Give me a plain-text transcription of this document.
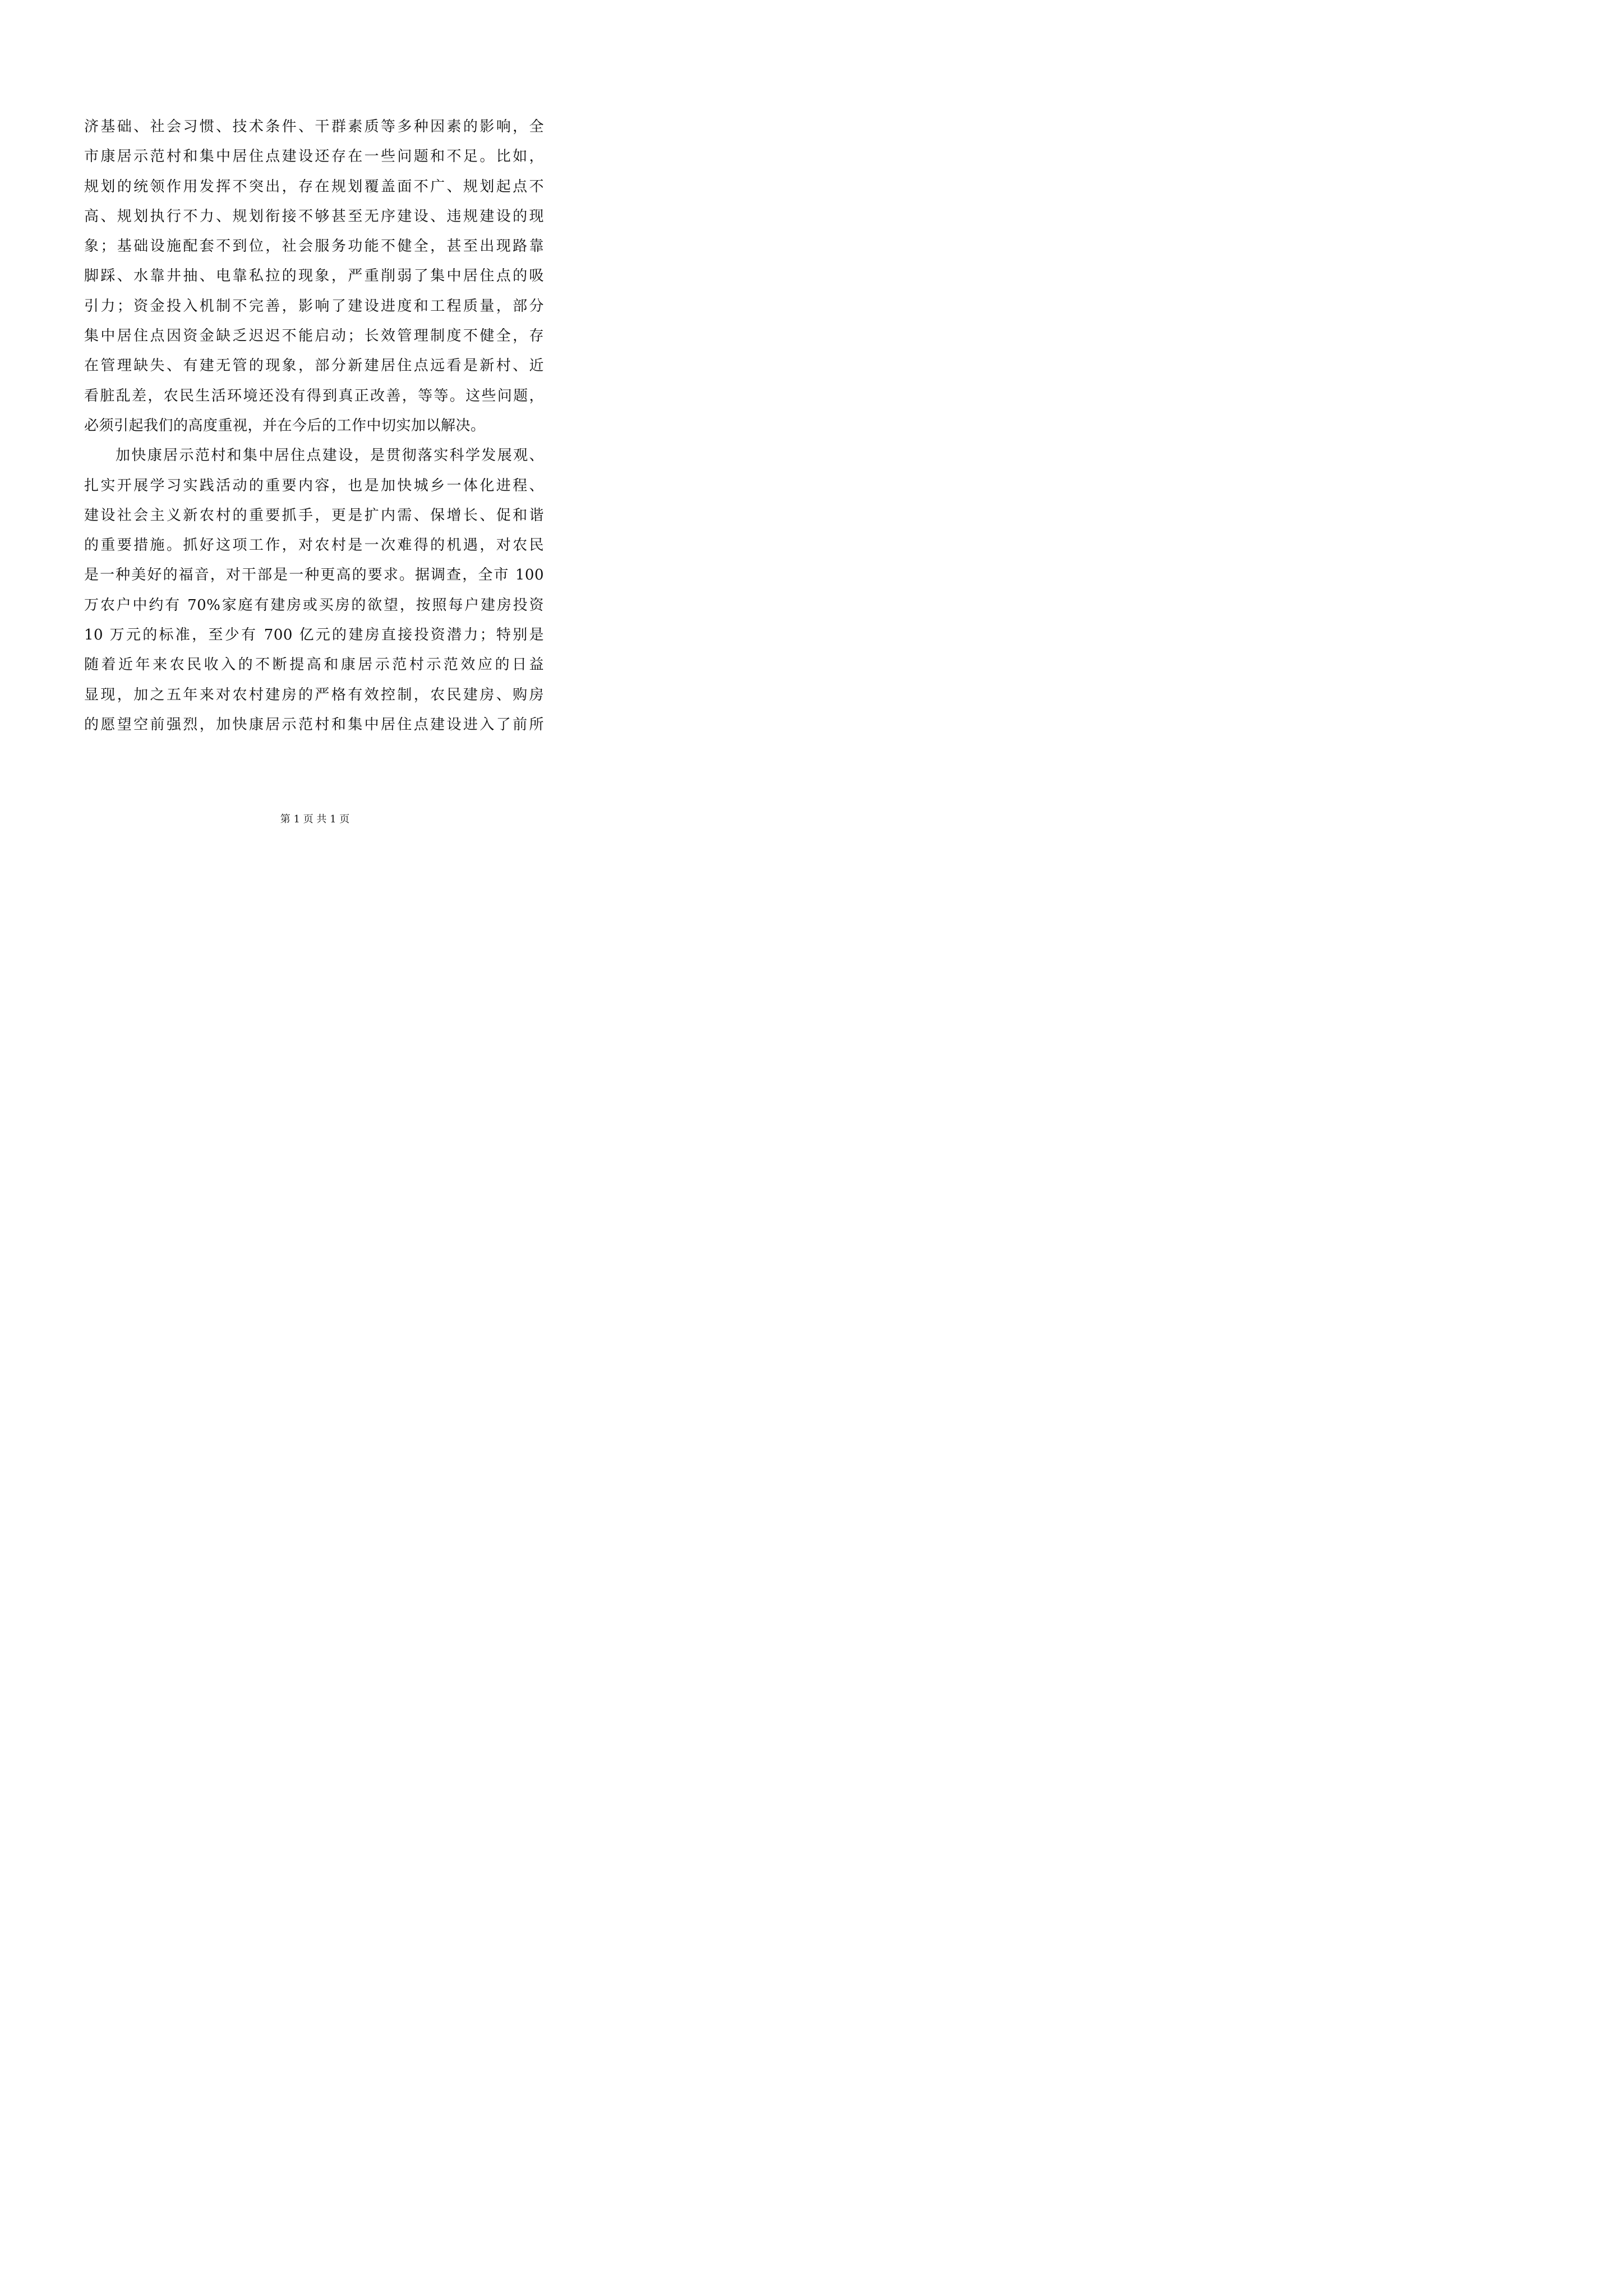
济基础、社会习惯、技术条件、干群素质等多种因素的影响，全
市康居示范村和集中居住点建设还存在一些问题和不足。比如，
规划的统领作用发挥不突出，存在规划覆盖面不广、规划起点不
高、规划执行不力、规划衔接不够甚至无序建设、违规建设的现
象；基础设施配套不到位，社会服务功能不健全，甚至出现路靠
脚踩、水靠井抽、电靠私拉的现象，严重削弱了集中居住点的吸
引力；资金投入机制不完善，影响了建设进度和工程质量，部分
集中居住点因资金缺乏迟迟不能启动；长效管理制度不健全，存
在管理缺失、有建无管的现象，部分新建居住点远看是新村、近
看脏乱差，农民生活环境还没有得到真正改善，等等。这些问题，
必须引起我们的高度重视，并在今后的工作中切实加以解决。
加快康居示范村和集中居住点建设，是贯彻落实科学发展观、
扎实开展学习实践活动的重要内容，也是加快城乡一体化进程、
建设社会主义新农村的重要抓手，更是扩内需、保增长、促和谐
的重要措施。抓好这项工作，对农村是一次难得的机遇，对农民
是一种美好的福音，对干部是一种更高的要求。据调查，全市 100
万农户中约有 70%家庭有建房或买房的欲望，按照每户建房投资
10 万元的标准，至少有 700 亿元的建房直接投资潜力；特别是
随着近年来农民收入的不断提高和康居示范村示范效应的日益
显现，加之五年来对农村建房的严格有效控制，农民建房、购房
的愿望空前强烈，加快康居示范村和集中居住点建设进入了前所
第 1 页 共 1 页
